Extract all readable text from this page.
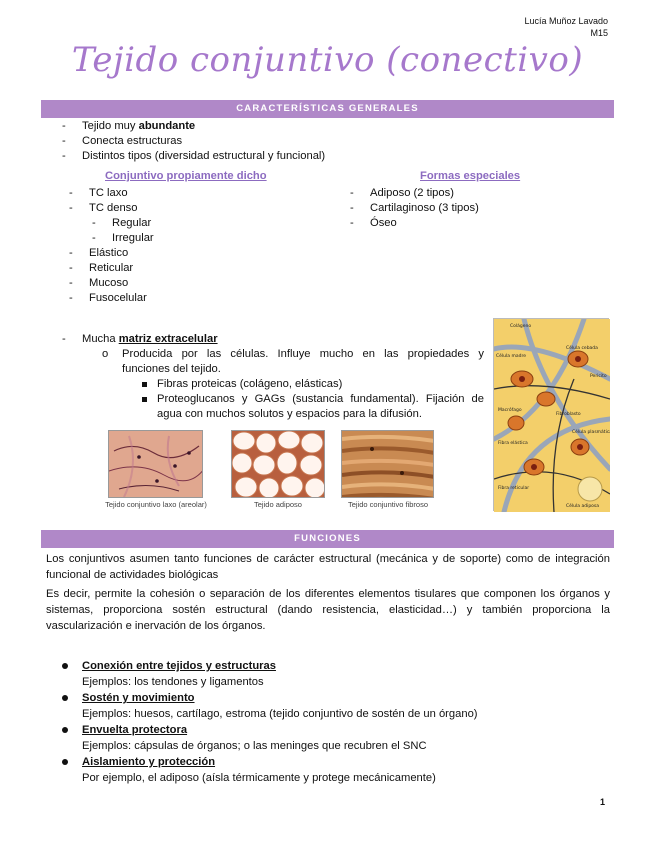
Lucía Muñoz Lavado
M15
Tejido conjuntivo (conectivo)
CARACTERÍSTICAS GENERALES
- Tejido muy abundante
- Conecta estructuras
- Distintos tipos (diversidad estructural y funcional)
Conjuntivo propiamente dicho	Formas especiales
- TC laxo
- TC denso
- Regular
- Irregular
- Elástico
- Reticular
- Mucoso
- Fusocelular
- Adiposo (2 tipos)
- Cartilaginoso (3 tipos)
- Óseo
- Mucha matriz extracelular
o Producida por las células. Influye mucho en las propiedades y
funciones del tejido.
Fibras proteicas (colágeno, elásticas)
Proteoglucanos y GAGs (sustancia fundamental). Fijación de
agua con muchos solutos y espacios para la difusión.
Tejido conjuntivo laxo (areolar)	Tejido adiposo	Tejido conjuntivo fibroso
Colágeno
Célula madre
Célula cebada
Pericito
Macrófago
Fibroblasto
Fibra elástica
Célula plasmática
Fibra reticular
Célula adiposa
FUNCIONES
Los conjuntivos asumen tanto funciones de carácter estructural (mecánica y de soporte) como de integración funcional de actividades biológicas
Es decir, permite la cohesión o separación de los diferentes elementos tisulares que componen los órganos y sistemas, proporciona sostén estructural (dando resistencia, elasticidad…) y también proporciona la vascularización e inervación de los órganos.
Conexión entre tejidos y estructuras
Ejemplos: los tendones y ligamentos
Sostén y movimiento
Ejemplos: huesos, cartílago, estroma (tejido conjuntivo de sostén de un órgano)
Envuelta protectora
Ejemplos: cápsulas de órganos; o las meninges que recubren el SNC
Aislamiento y protección
Por ejemplo, el adiposo (aísla térmicamente y protege mecánicamente)
1
